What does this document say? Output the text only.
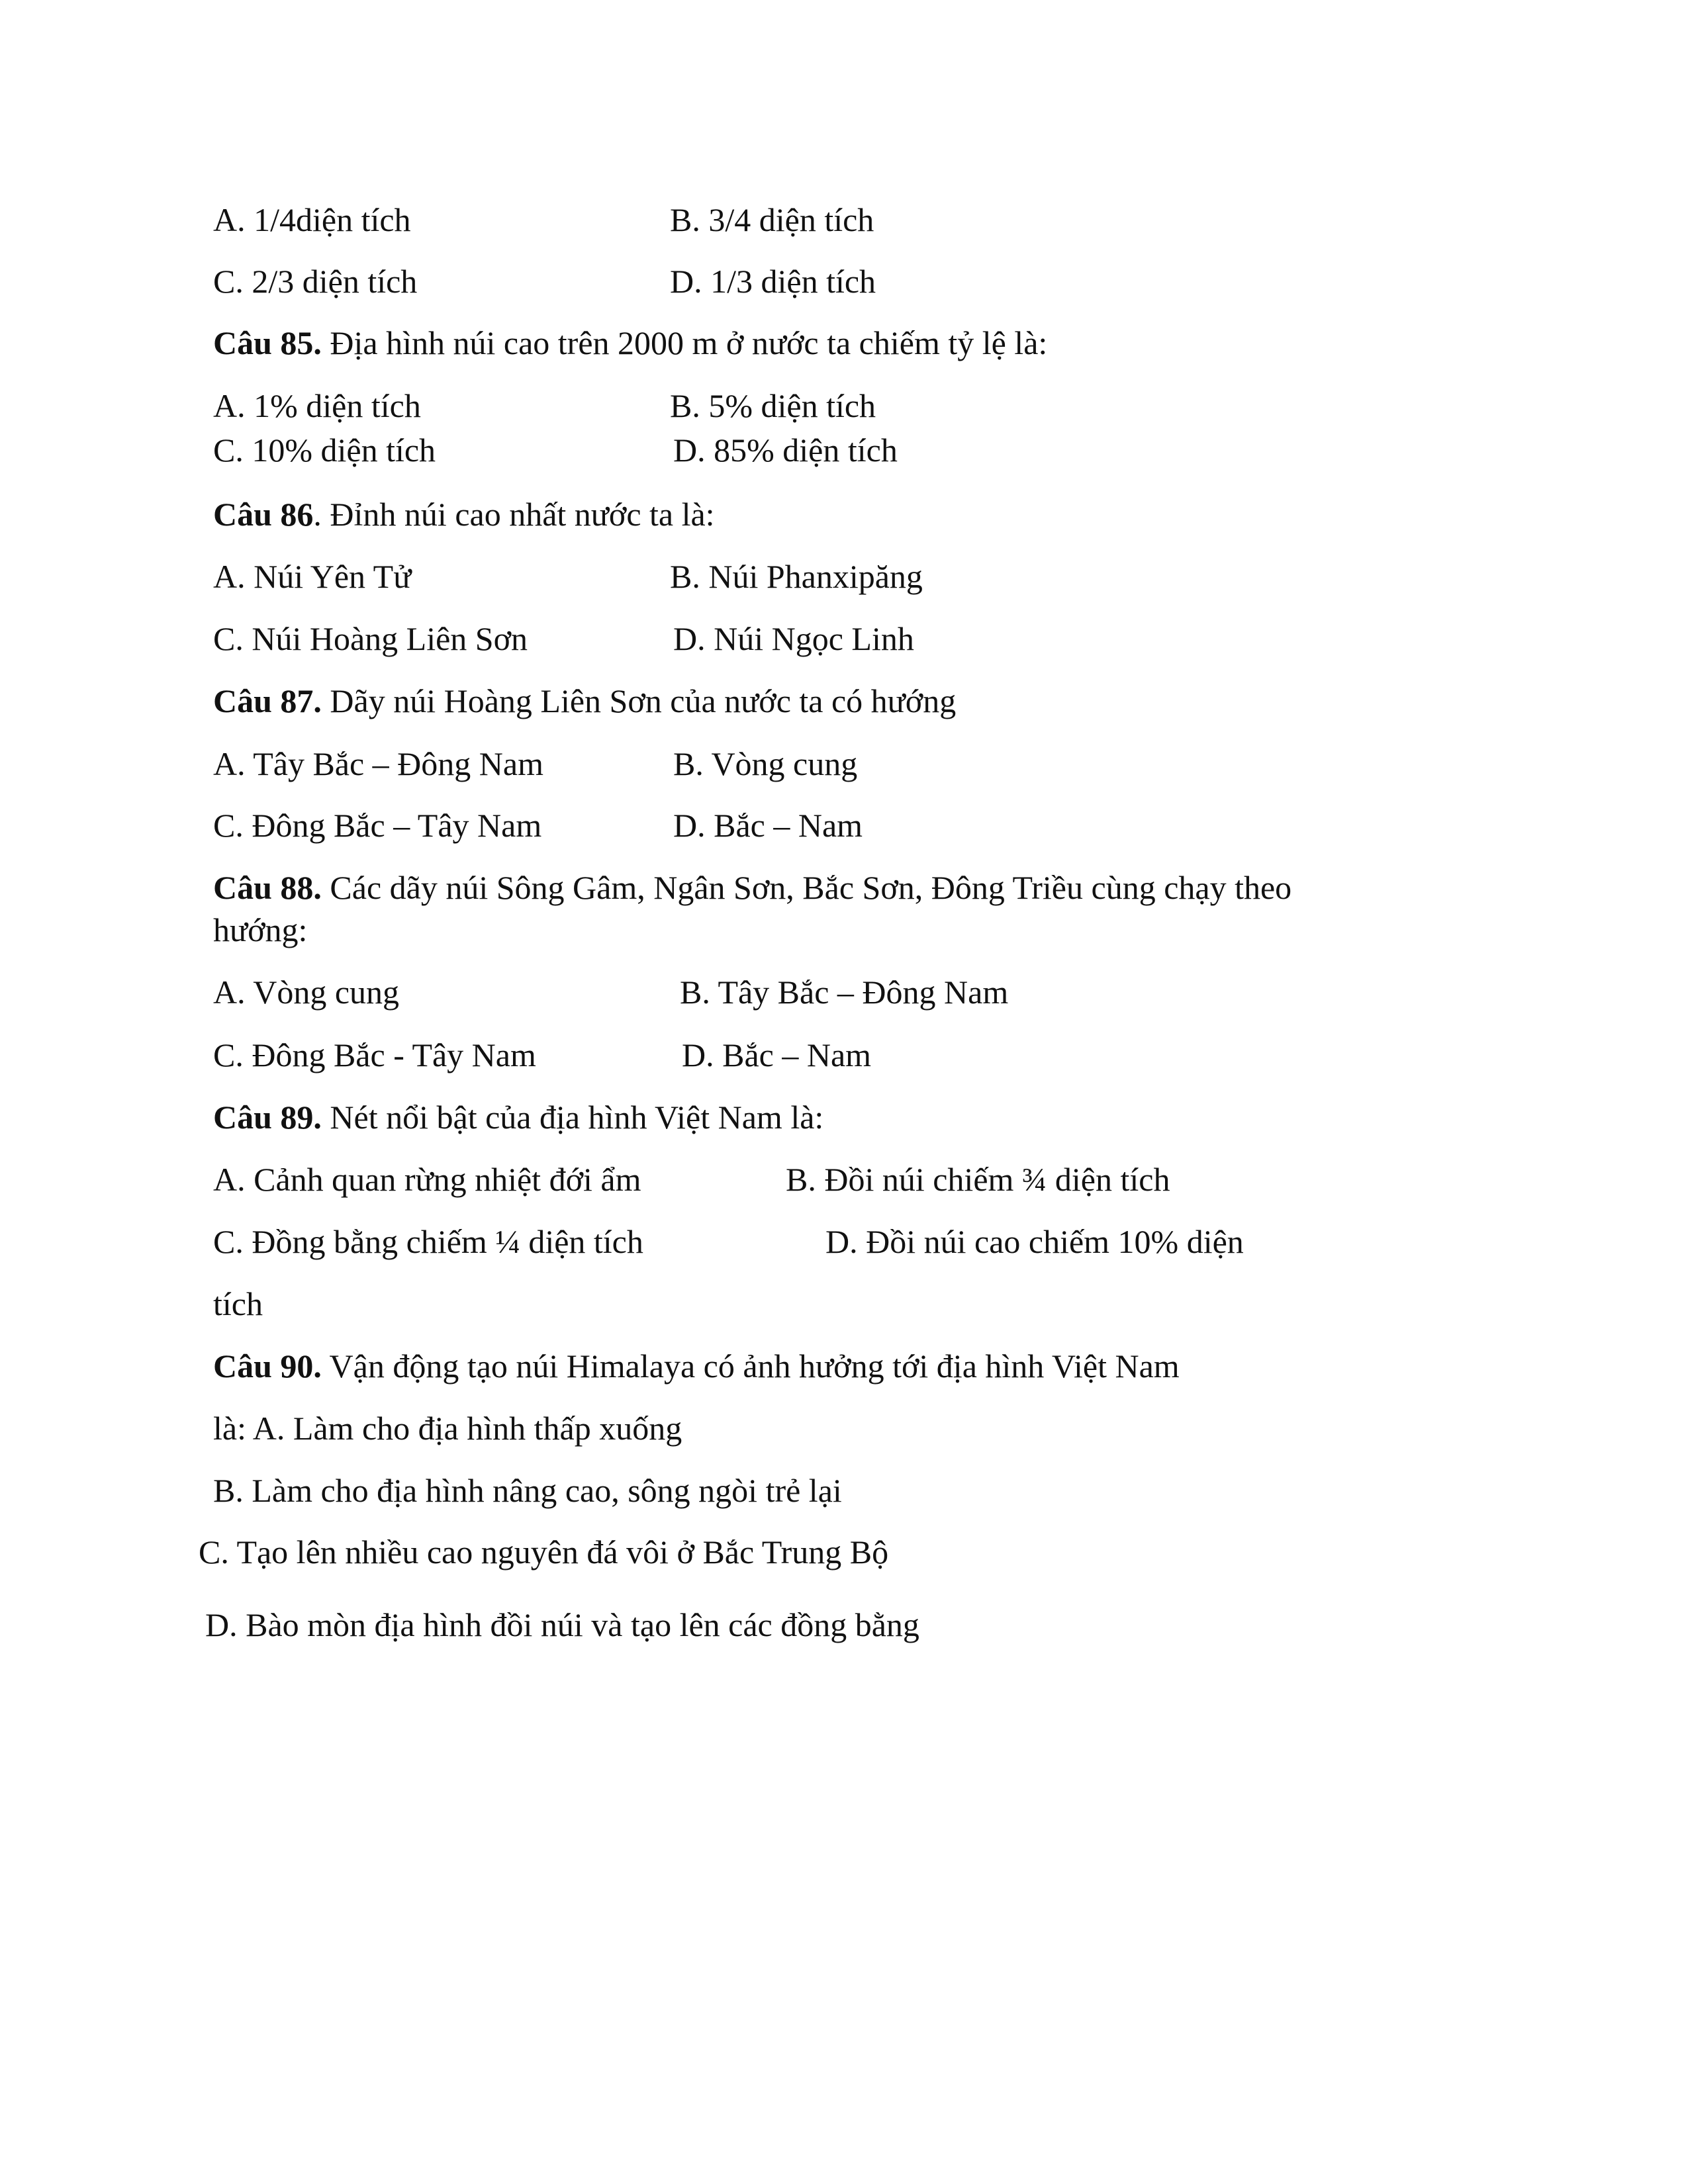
A. 1/4diện tích	B. 3/4 diện tích
C. 2/3 diện tích	D. 1/3 diện tích
Câu 85. Địa hình núi cao trên 2000 m ở nước ta chiếm tỷ lệ là:
A. 1% diện tích	B. 5% diện tích
C. 10% diện tích	D. 85% diện tích
Câu 86. Đỉnh núi cao nhất nước ta là:
A. Núi Yên Tử	B. Núi Phanxipăng
C. Núi Hoàng Liên Sơn	D. Núi Ngọc Linh
Câu 87. Dãy núi Hoàng Liên Sơn của nước ta có hướng
A. Tây Bắc – Đông Nam	B. Vòng cung
C. Đông Bắc – Tây Nam	D. Bắc – Nam
Câu 88. Các dãy núi Sông Gâm, Ngân Sơn, Bắc Sơn, Đông Triều cùng chạy theo
hướng:
A. Vòng cung	B. Tây Bắc – Đông Nam
C. Đông Bắc - Tây Nam	D. Bắc – Nam
Câu 89. Nét nổi bật của địa hình Việt Nam là:
A. Cảnh quan rừng nhiệt đới ẩm	B. Đồi núi chiếm ¾ diện tích
C. Đồng bằng chiếm ¼ diện tích	D. Đồi núi cao chiếm 10% diện
tích
Câu 90. Vận động tạo núi Himalaya có ảnh hưởng tới địa hình Việt Nam
là: A. Làm cho địa hình thấp xuống
B. Làm cho địa hình nâng cao, sông ngòi trẻ lại
C. Tạo lên nhiều cao nguyên đá vôi ở Bắc Trung Bộ
D. Bào mòn địa hình đồi núi và tạo lên các đồng bằng
